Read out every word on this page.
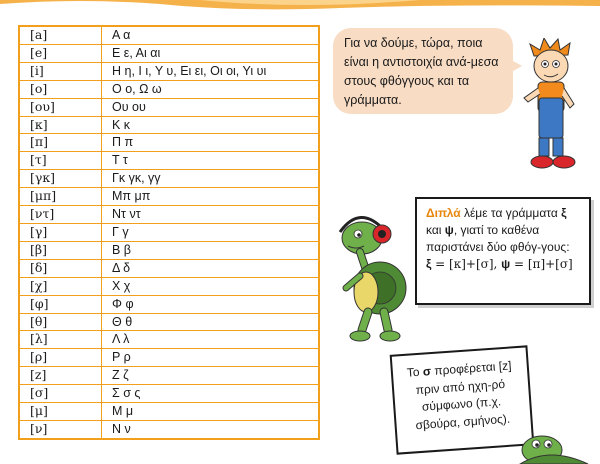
[a]	Α α
[e]	Ε ε, Αι αι
[i]	Η η, Ι ι, Υ υ, Ει ει, Οι οι, Υι υι
[o]	Ο ο, Ω ω
[ου]	Ου ου
[κ]	Κ κ
[π]	Π π
[τ]	Τ τ
[γκ]	Γκ γκ, γγ
[μπ]	Μπ μπ
[ντ]	Ντ ντ
[γ]	Γ γ
[β]	Β β
[δ]	Δ δ
[χ]	Χ χ
[φ]	Φ φ
[θ]	Θ θ
[λ]	Λ λ
[ρ]	Ρ ρ
[z]	Ζ ζ
[σ]	Σ σ ς
[μ]	Μ μ
[ν]	Ν ν
Για να δούμε, τώρα, ποια είναι η αντιστοιχία ανά-μεσα στους φθόγγους και τα γράμματα.
Διπλά λέμε τα γράμματα ξ και ψ, γιατί το καθένα παριστάνει δύο φθόγ-γους:
ξ = [κ]+[σ], ψ = [π]+[σ]
Το σ προφέρεται [z] πριν από ηχη-ρό σύμφωνο (π.χ. σβούρα, σμήνος).
